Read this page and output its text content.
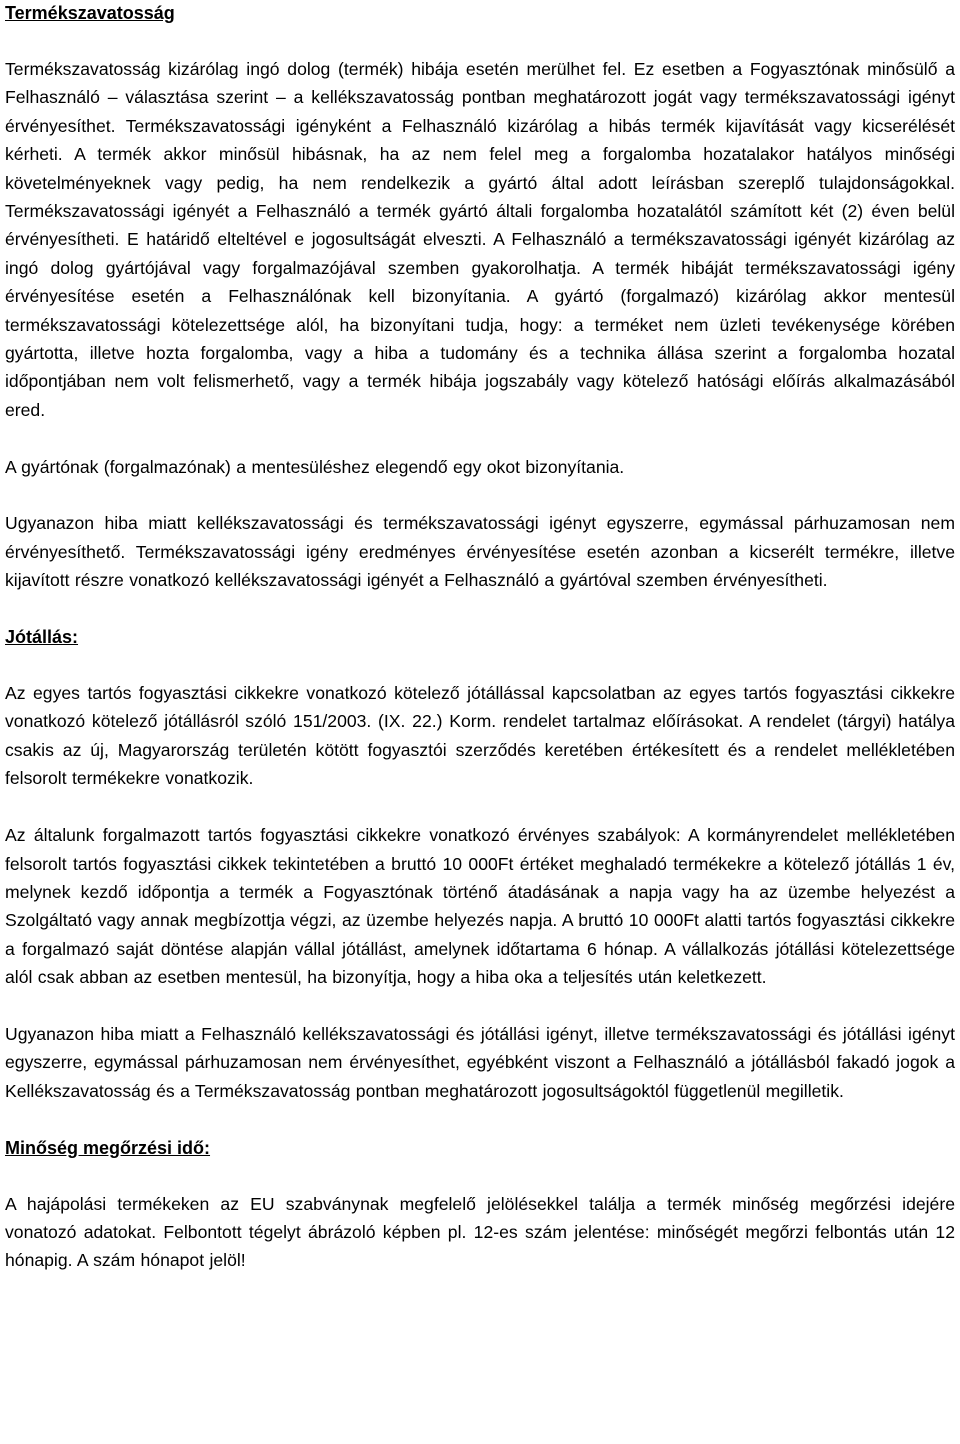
Termékszavatosság

Termékszavatosság kizárólag ingó dolog (termék) hibája esetén merülhet fel. Ez esetben a Fogyasztónak minősülő a Felhasználó – választása szerint – a kellékszavatosság pontban meghatározott jogát vagy termékszavatossági igényt érvényesíthet. Termékszavatossági igényként a Felhasználó kizárólag a hibás termék kijavítását vagy kicserélését kérheti. A termék akkor minősül hibásnak, ha az nem felel meg a forgalomba hozatalakor hatályos minőségi követelményeknek vagy pedig, ha nem rendelkezik a gyártó által adott leírásban szereplő tulajdonságokkal. Termékszavatossági igényét a Felhasználó a termék gyártó általi forgalomba hozatalától számított két (2) éven belül érvényesítheti. E határidő elteltével e jogosultságát elveszti. A Felhasználó a termékszavatossági igényét kizárólag az ingó dolog gyártójával vagy forgalmazójával szemben gyakorolhatja. A termék hibáját termékszavatossági igény érvényesítése esetén a Felhasználónak kell bizonyítania. A gyártó (forgalmazó) kizárólag akkor mentesül termékszavatossági kötelezettsége alól, ha bizonyítani tudja, hogy: a terméket nem üzleti tevékenysége körében gyártotta, illetve hozta forgalomba, vagy a hiba a tudomány és a technika állása szerint a forgalomba hozatal időpontjában nem volt felismerhető, vagy a termék hibája jogszabály vagy kötelező hatósági előírás alkalmazásából ered.

A gyártónak (forgalmazónak) a mentesüléshez elegendő egy okot bizonyítania.

Ugyanazon hiba miatt kellékszavatossági és termékszavatossági igényt egyszerre, egymással párhuzamosan nem érvényesíthető. Termékszavatossági igény eredményes érvényesítése esetén azonban a kicserélt termékre, illetve kijavított részre vonatkozó kellékszavatossági igényét a Felhasználó a gyártóval szemben érvényesítheti.

Jótállás:

Az egyes tartós fogyasztási cikkekre vonatkozó kötelező jótállással kapcsolatban az egyes tartós fogyasztási cikkekre vonatkozó kötelező jótállásról szóló 151/2003. (IX. 22.) Korm. rendelet tartalmaz előírásokat. A rendelet (tárgyi) hatálya csakis az új, Magyarország területén kötött fogyasztói szerződés keretében értékesített és a rendelet mellékletében felsorolt termékekre vonatkozik.

Az általunk forgalmazott tartós fogyasztási cikkekre vonatkozó érvényes szabályok: A kormányrendelet mellékletében felsorolt tartós fogyasztási cikkek tekintetében a bruttó 10 000Ft értéket meghaladó termékekre a kötelező jótállás 1 év, melynek kezdő időpontja a termék a Fogyasztónak történő átadásának a napja vagy ha az üzembe helyezést a Szolgáltató vagy annak megbízottja végzi, az üzembe helyezés napja. A bruttó 10 000Ft alatti tartós fogyasztási cikkekre a forgalmazó saját döntése alapján vállal jótállást, amelynek időtartama 6 hónap. A vállalkozás jótállási kötelezettsége alól csak abban az esetben mentesül, ha bizonyítja, hogy a hiba oka a teljesítés után keletkezett.

Ugyanazon hiba miatt a Felhasználó kellékszavatossági és jótállási igényt, illetve termékszavatossági és jótállási igényt egyszerre, egymással párhuzamosan nem érvényesíthet, egyébként viszont a Felhasználó a jótállásból fakadó jogok a Kellékszavatosság és a Termékszavatosság pontban meghatározott jogosultságoktól függetlenül megilletik.

Minőség megőrzési idő:

A hajápolási termékeken az EU szabványnak megfelelő jelölésekkel találja a termék minőség megőrzési idejére vonatozó adatokat. Felbontott tégelyt ábrázoló képben pl. 12-es szám jelentése: minőségét megőrzi felbontás után 12 hónapig. A szám hónapot jelöl!
